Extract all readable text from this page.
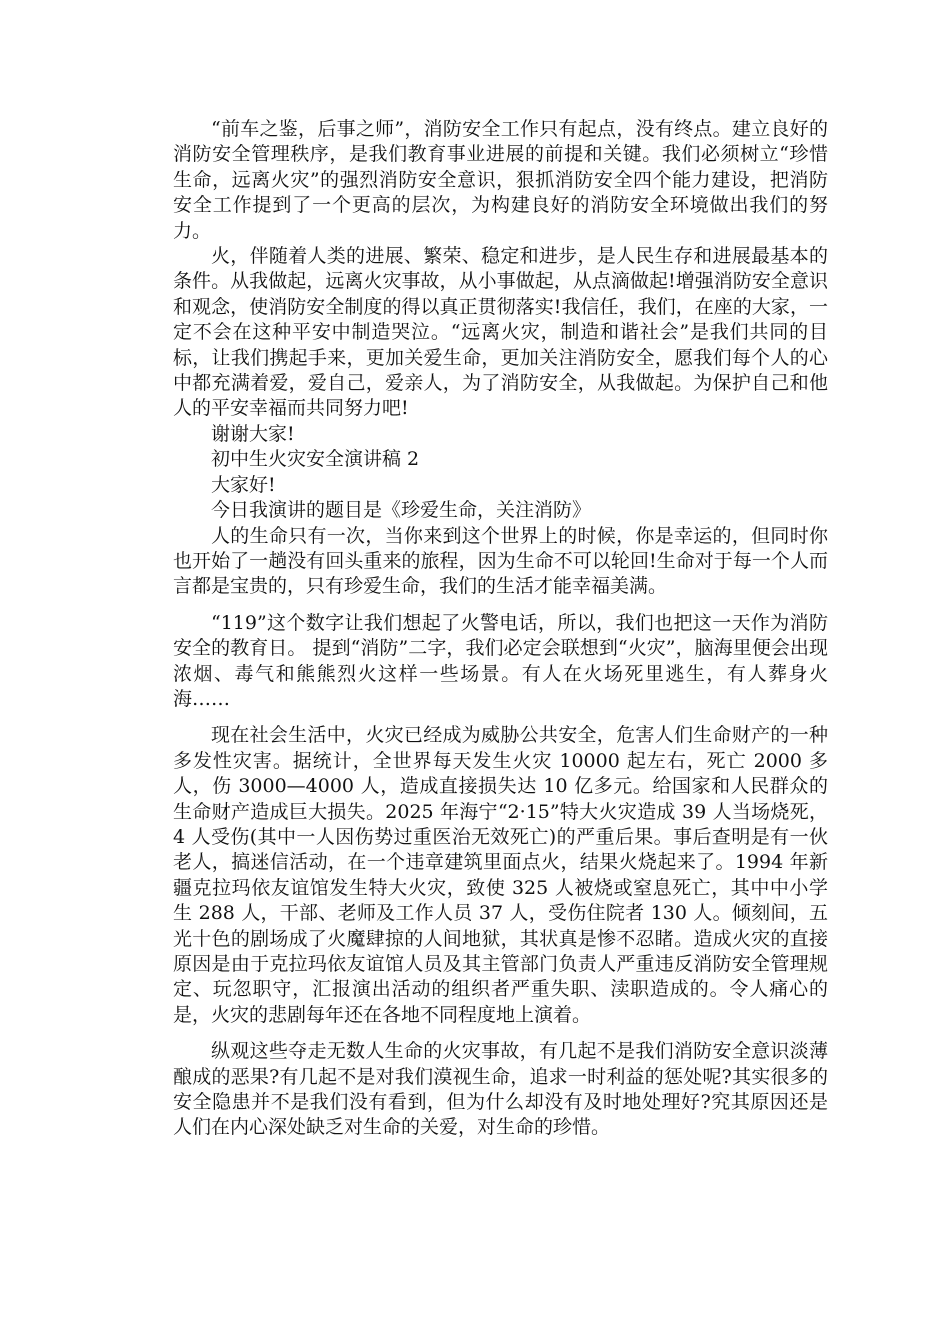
“前车之鉴，后事之师”，消防安全工作只有起点，没有终点。建立良好的消防安全管理秩序，是我们教育事业进展的前提和关键。我们必须树立“珍惜生命，远离火灾”的强烈消防安全意识，狠抓消防安全四个能力建设，把消防安全工作提到了一个更高的层次，为构建良好的消防安全环境做出我们的努力。

火，伴随着人类的进展、繁荣、稳定和进步，是人民生存和进展最基本的条件。从我做起，远离火灾事故，从小事做起，从点滴做起!增强消防安全意识和观念，使消防安全制度的得以真正贯彻落实!我信任，我们，在座的大家，一定不会在这种平安中制造哭泣。“远离火灾，制造和谐社会”是我们共同的目标，让我们携起手来，更加关爱生命，更加关注消防安全，愿我们每个人的心中都充满着爱，爱自己，爱亲人，为了消防安全，从我做起。为保护自己和他人的平安幸福而共同努力吧!

谢谢大家!

初中生火灾安全演讲稿 2

大家好!

今日我演讲的题目是《珍爱生命，关注消防》

人的生命只有一次，当你来到这个世界上的时候，你是幸运的，但同时你也开始了一趟没有回头重来的旅程，因为生命不可以轮回!生命对于每一个人而言都是宝贵的，只有珍爱生命，我们的生活才能幸福美满。

“119”这个数字让我们想起了火警电话，所以，我们也把这一天作为消防安全的教育日。 提到“消防”二字，我们必定会联想到“火灾”，脑海里便会出现浓烟、毒气和熊熊烈火这样一些场景。有人在火场死里逃生，有人葬身火海……

现在社会生活中，火灾已经成为威胁公共安全，危害人们生命财产的一种多发性灾害。据统计，全世界每天发生火灾 10000 起左右，死亡 2000 多人，伤 3000—4000 人，造成直接损失达 10 亿多元。给国家和人民群众的生命财产造成巨大损失。2025 年海宁“2·15”特大火灾造成 39 人当场烧死，4 人受伤(其中一人因伤势过重医治无效死亡)的严重后果。事后查明是有一伙老人，搞迷信活动，在一个违章建筑里面点火，结果火烧起来了。1994 年新疆克拉玛依友谊馆发生特大火灾，致使 325 人被烧或窒息死亡，其中中小学生 288 人，干部、老师及工作人员 37 人，受伤住院者 130 人。倾刻间，五光十色的剧场成了火魔肆掠的人间地狱，其状真是惨不忍睹。造成火灾的直接原因是由于克拉玛依友谊馆人员及其主管部门负责人严重违反消防安全管理规定、玩忽职守，汇报演出活动的组织者严重失职、渎职造成的。令人痛心的是，火灾的悲剧每年还在各地不同程度地上演着。

纵观这些夺走无数人生命的火灾事故，有几起不是我们消防安全意识淡薄酿成的恶果?有几起不是对我们漠视生命，追求一时利益的惩处呢?其实很多的安全隐患并不是我们没有看到，但为什么却没有及时地处理好?究其原因还是人们在内心深处缺乏对生命的关爱，对生命的珍惜。
